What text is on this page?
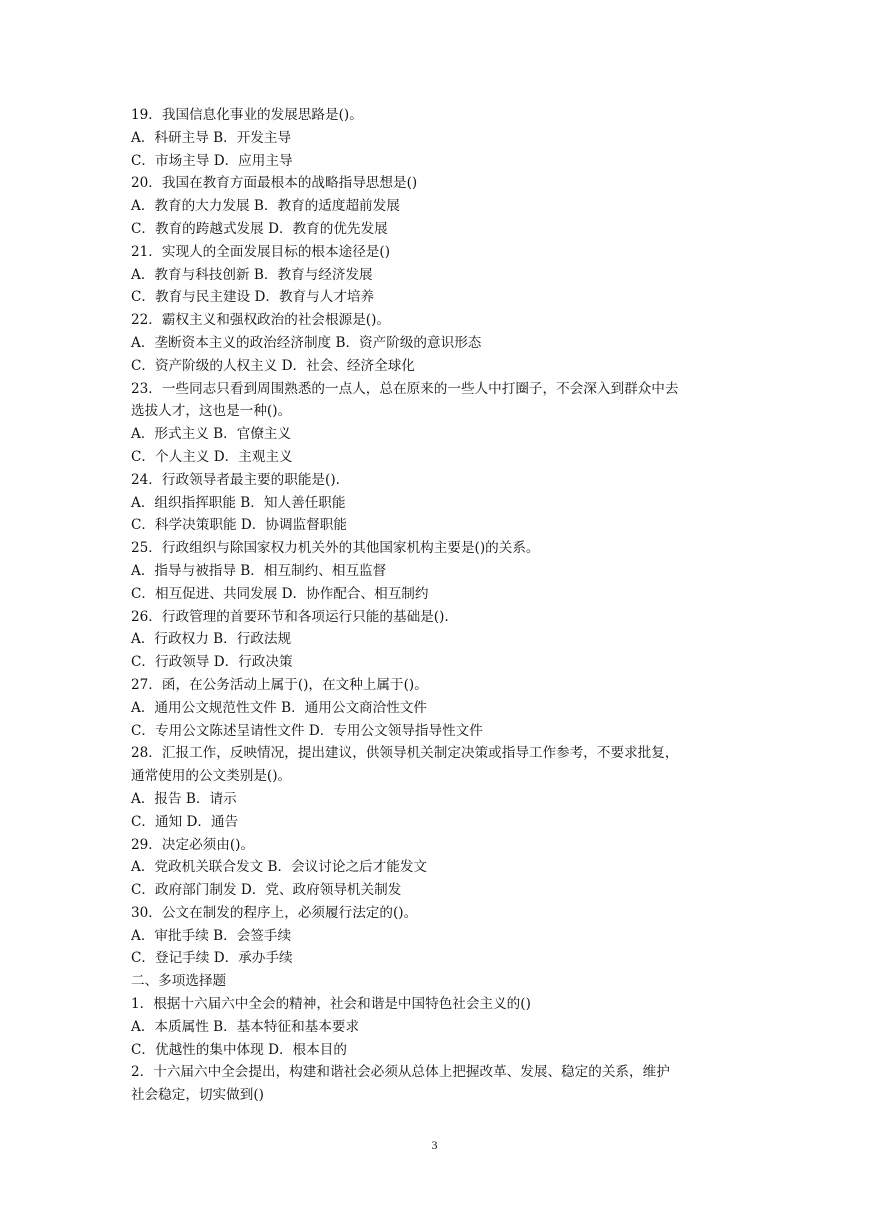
19．我国信息化事业的发展思路是()。
A．科研主导 B．开发主导
C．市场主导 D．应用主导
20．我国在教育方面最根本的战略指导思想是()
A．教育的大力发展 B．教育的适度超前发展
C．教育的跨越式发展 D．教育的优先发展
21．实现人的全面发展目标的根本途径是()
A．教育与科技创新 B．教育与经济发展
C．教育与民主建设 D．教育与人才培养
22．霸权主义和强权政治的社会根源是()。
A．垄断资本主义的政治经济制度 B．资产阶级的意识形态
C．资产阶级的人权主义 D．社会、经济全球化
23．一些同志只看到周围熟悉的一点人，总在原来的一些人中打圈子，不会深入到群众中去
选拔人才，这也是一种()。
A．形式主义 B．官僚主义
C．个人主义 D．主观主义
24．行政领导者最主要的职能是().
A．组织指挥职能 B．知人善任职能
C．科学决策职能 D．协调监督职能
25．行政组织与除国家权力机关外的其他国家机构主要是()的关系。
A．指导与被指导 B．相互制约、相互监督
C．相互促进、共同发展 D．协作配合、相互制约
26．行政管理的首要环节和各项运行只能的基础是().
A．行政权力 B．行政法规
C．行政领导 D．行政决策
27．函，在公务活动上属于()，在文种上属于()。
A．通用公文规范性文件 B．通用公文商洽性文件
C．专用公文陈述呈请性文件 D．专用公文领导指导性文件
28．汇报工作，反映情况，提出建议，供领导机关制定决策或指导工作参考，不要求批复，
通常使用的公文类别是()。
A．报告 B．请示
C．通知 D．通告
29．决定必须由()。
A．党政机关联合发文 B．会议讨论之后才能发文
C．政府部门制发 D．党、政府领导机关制发
30．公文在制发的程序上，必须履行法定的()。
A．审批手续 B．会签手续
C．登记手续 D．承办手续
二、多项选择题
1．根据十六届六中全会的精神，社会和谐是中国特色社会主义的()
A．本质属性 B．基本特征和基本要求
C．优越性的集中体现 D．根本目的
2．十六届六中全会提出，构建和谐社会必须从总体上把握改革、发展、稳定的关系，维护
社会稳定，切实做到()
3
